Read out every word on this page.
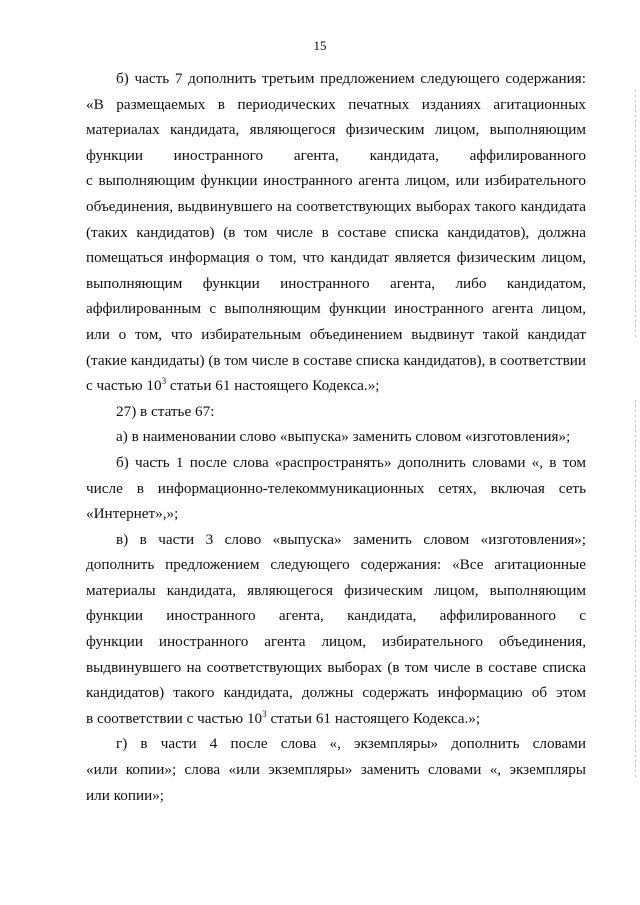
15
б) часть 7 дополнить третьим предложением следующего содержания:
«В размещаемых в периодических печатных изданиях агитационных
материалах кандидата, являющегося физическим лицом, выполняющим
функции иностранного агента, кандидата, аффилированного
с выполняющим функции иностранного агента лицом, или избирательного
объединения, выдвинувшего на соответствующих выборах такого кандидата
(таких кандидатов) (в том числе в составе списка кандидатов), должна
помещаться информация о том, что кандидат является физическим лицом,
выполняющим функции иностранного агента, либо кандидатом,
аффилированным с выполняющим функции иностранного агента лицом,
или о том, что избирательным объединением выдвинут такой кандидат
(такие кандидаты) (в том числе в составе списка кандидатов), в соответствии
с частью $10^3$ статьи 61 настоящего Кодекса.»;
27) в статье 67:
а) в наименовании слово «выпуска» заменить словом «изготовления»;
б) часть 1 после слова «распространять» дополнить словами «, в том
числе в информационно-телекоммуникационных сетях, включая сеть
«Интернет»,»;
в) в части 3 слово «выпуска» заменить словом «изготовления»;
дополнить предложением следующего содержания: «Все агитационные
материалы кандидата, являющегося физическим лицом, выполняющим
функции иностранного агента, кандидата, аффилированного с
функции иностранного агента лицом, избирательного объединения,
выдвинувшего на соответствующих выборах (в том числе в составе списка
кандидатов) такого кандидата, должны содержать информацию об этом
в соответствии с частью $10^3$ статьи 61 настоящего Кодекса.»;
г) в части 4 после слова «, экземпляры» дополнить словами
«или копии»; слова «или экземпляры» заменить словами «, экземпляры
или копии»;
